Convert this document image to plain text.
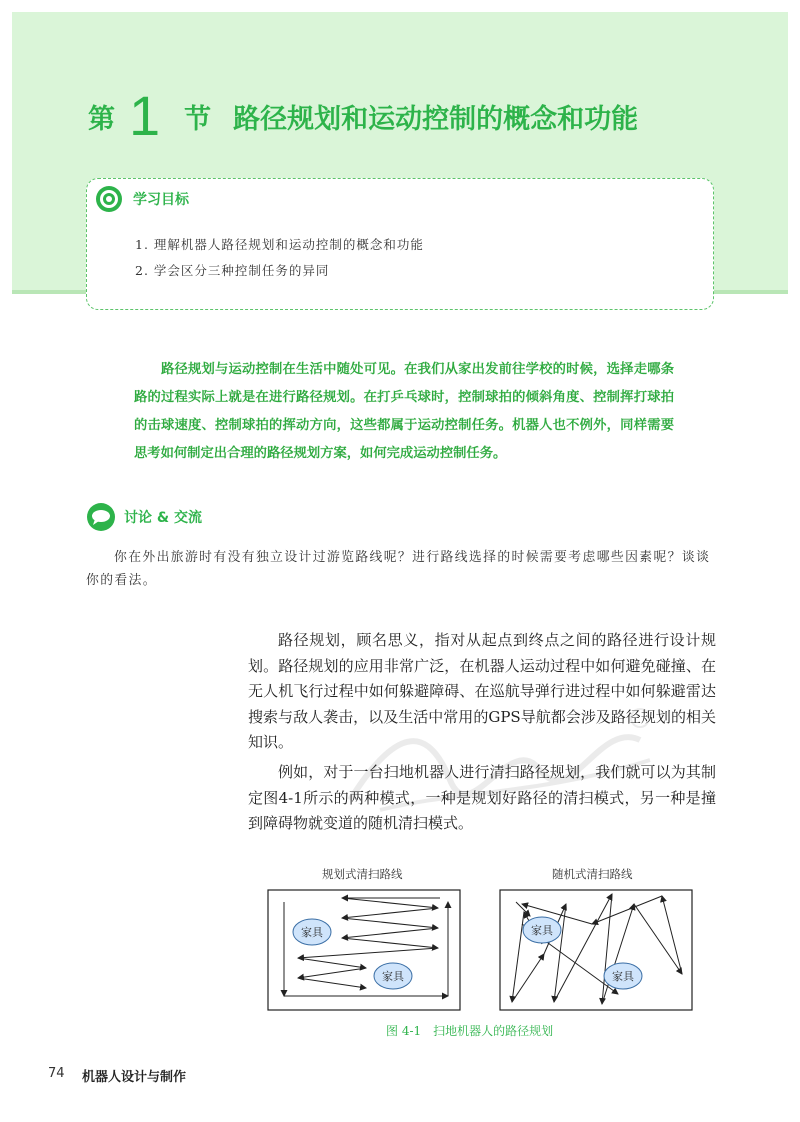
第 1 节 路径规划和运动控制的概念和功能
学习目标
1. 理解机器人路径规划和运动控制的概念和功能
2. 学会区分三种控制任务的异同

路径规划与运动控制在生活中随处可见。在我们从家出发前往学校的时候，选择走哪条路的过程实际上就是在进行路径规划。在打乒乓球时，控制球拍的倾斜角度、控制挥打球拍的击球速度、控制球拍的挥动方向，这些都属于运动控制任务。机器人也不例外，同样需要思考如何制定出合理的路径规划方案，如何完成运动控制任务。

讨论 & 交流

你在外出旅游时有没有独立设计过游览路线呢？进行路线选择的时候需要考虑哪些因素呢？谈谈你的看法。

路径规划，顾名思义，指对从起点到终点之间的路径进行设计规划。路径规划的应用非常广泛，在机器人运动过程中如何避免碰撞、在无人机飞行过程中如何躲避障碍、在巡航导弹行进过程中如何躲避雷达搜索与敌人袭击，以及生活中常用的GPS导航都会涉及路径规划的相关知识。

例如，对于一台扫地机器人进行清扫路径规划，我们就可以为其制定图4-1所示的两种模式，一种是规划好路径的清扫模式，另一种是撞到障碍物就变道的随机清扫模式。

规划式清扫路线	随机式清扫路线
家具
家具
家具
家具
图 4-1　扫地机器人的路径规划
74 机器人设计与制作
